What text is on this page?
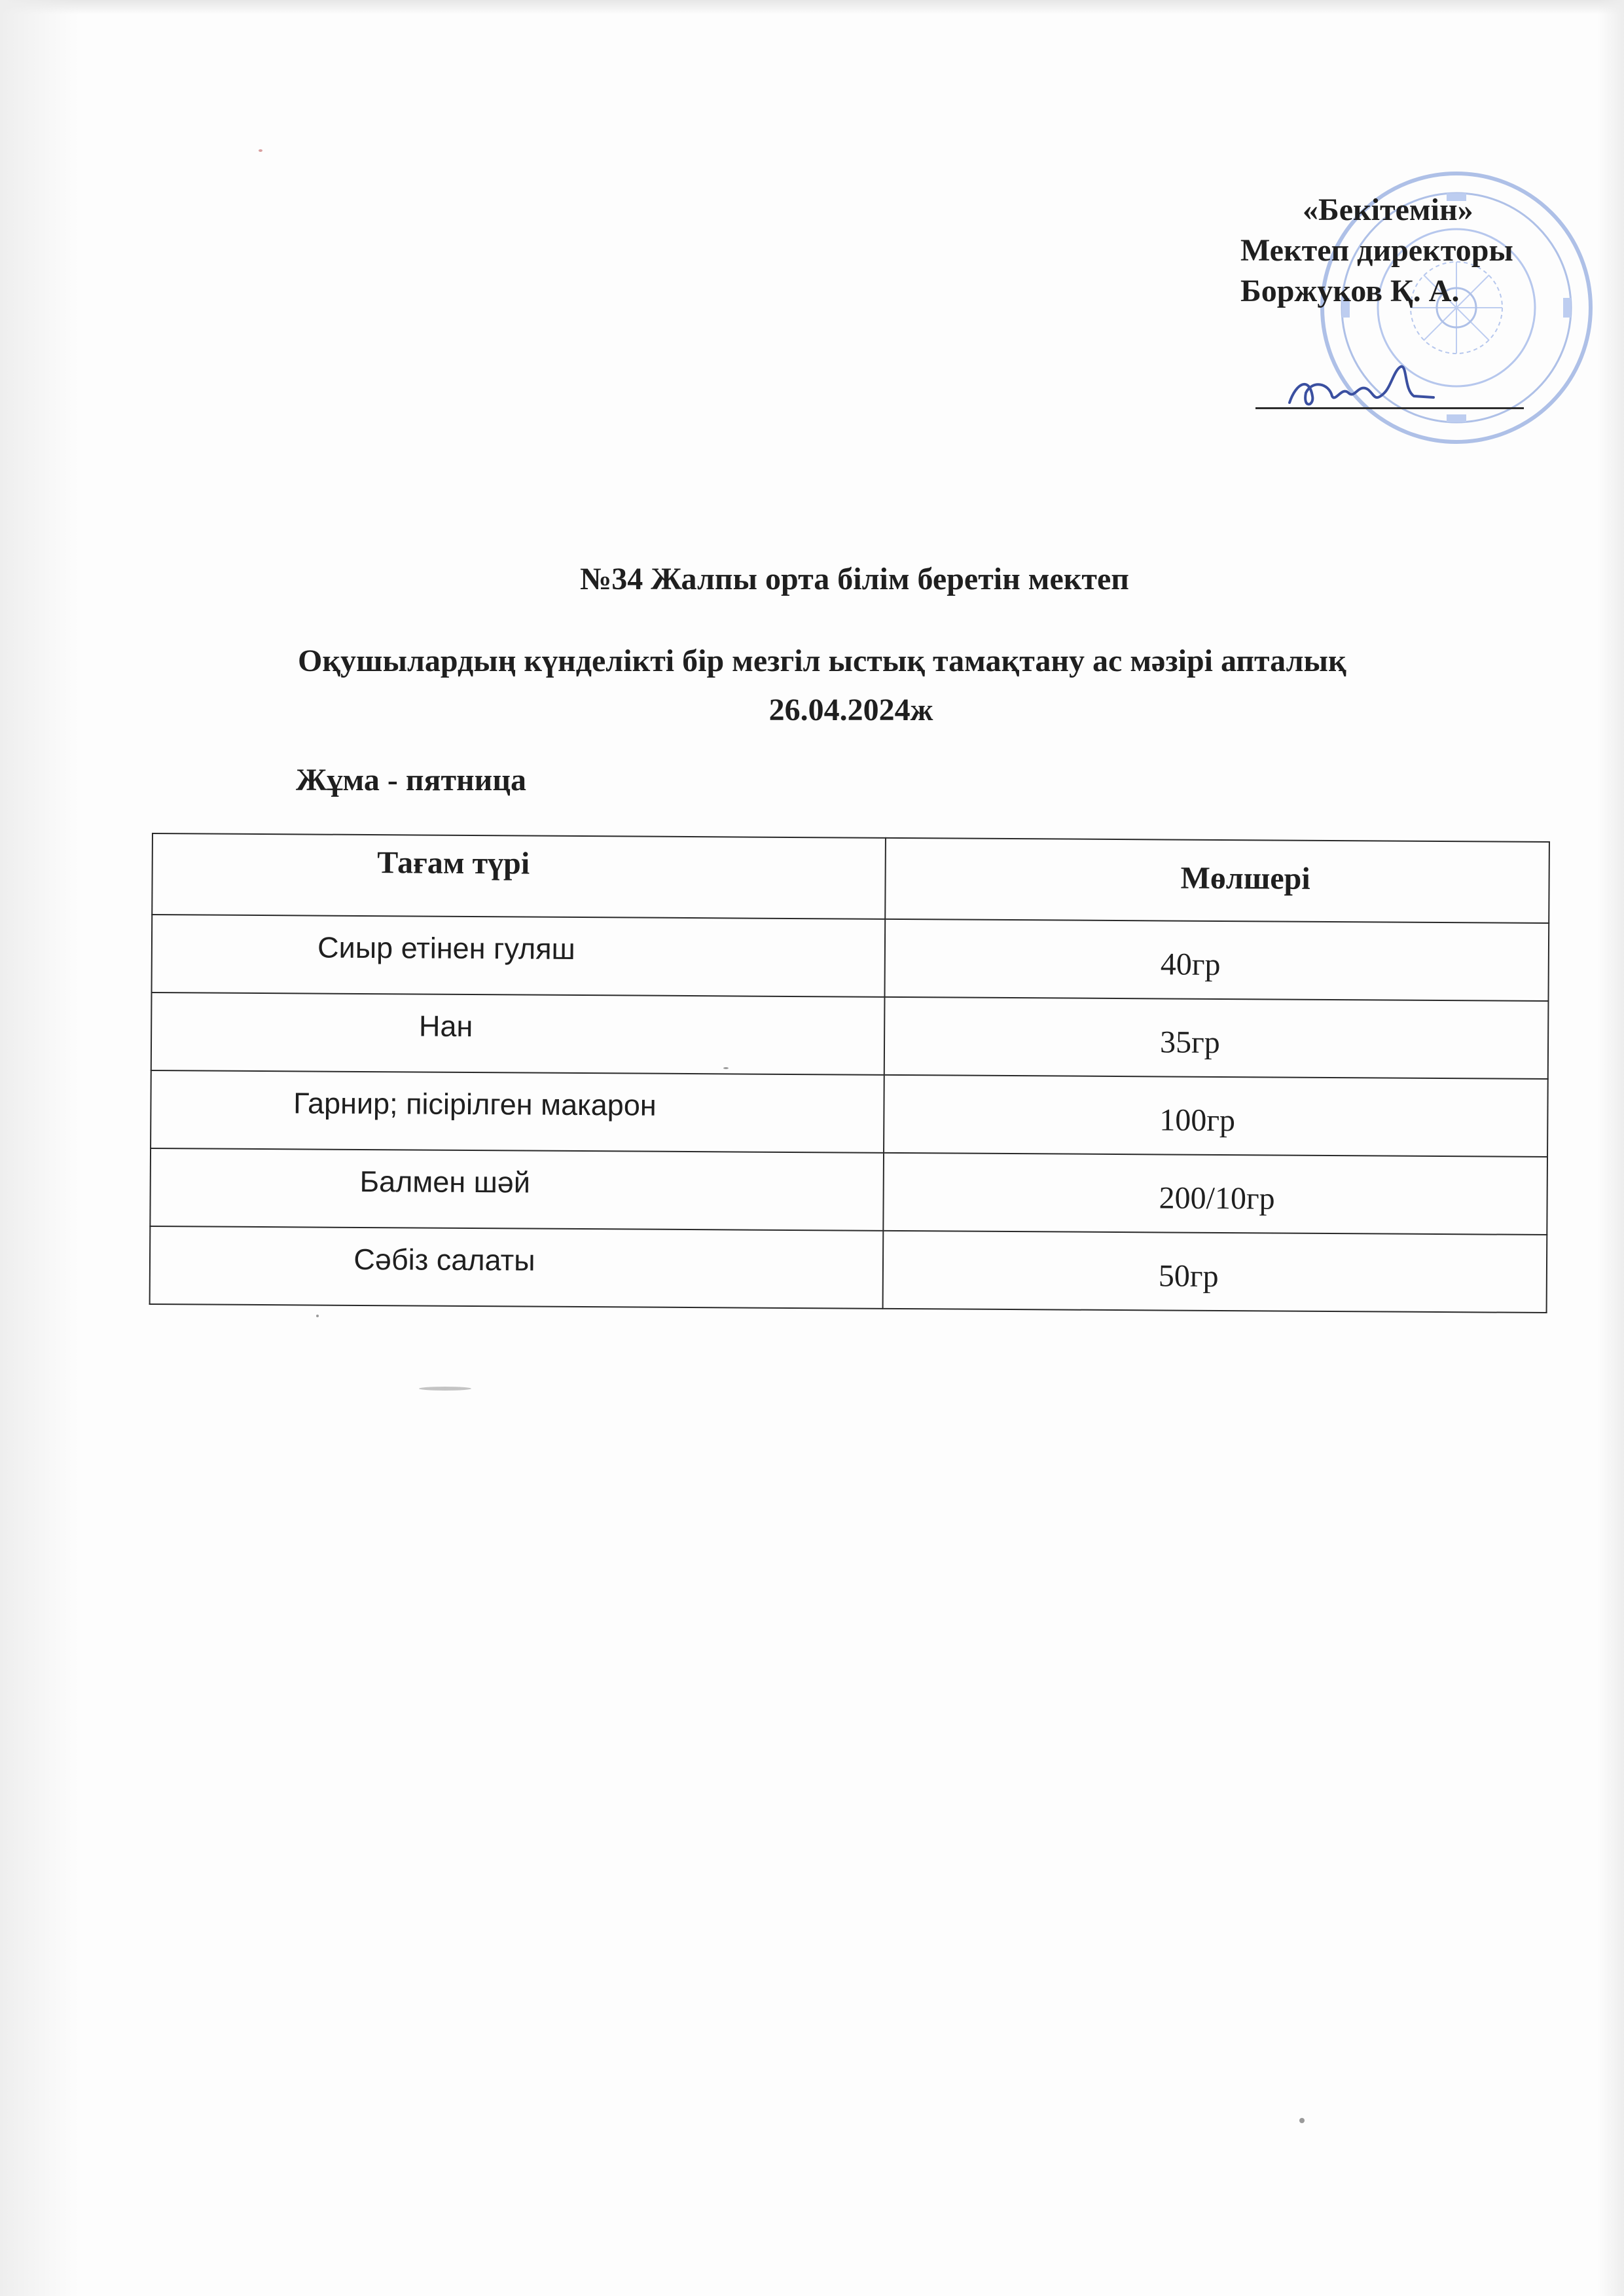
«Бекітемін»
Мектеп директоры
Боржуков Қ. А.
№34 Жалпы орта білім беретін мектеп
Оқушылардың күнделікті бір мезгіл ыстық тамақтану ас мәзірі апталық
26.04.2024ж
Жұма - пятница
Тағам түрі	Мөлшері

Сиыр етінен гуляш	40гр

Нан	35гр

Гарнир; пісірілген макарон	100гр

Балмен шәй	200/10гр

Сәбіз салаты	50гр
